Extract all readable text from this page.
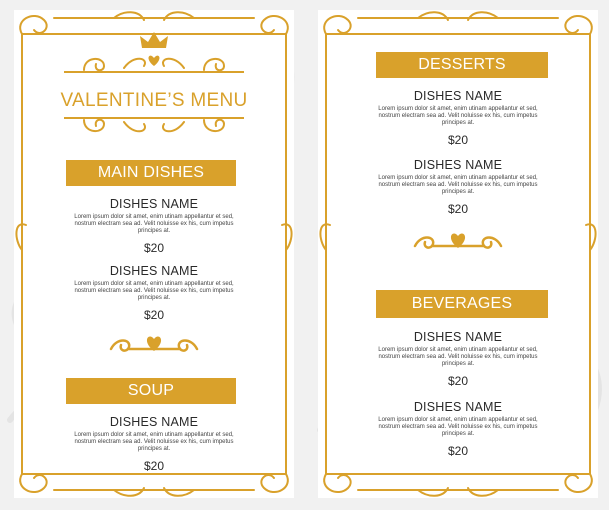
VALENTINE’S MENU
MAIN DISHES
DISHES NAME
Lorem ipsum dolor sit amet, enim utinam appellantur et sed, nostrum electram sea ad. Velit noluisse ex his, cum impetus principes at.
$20
DISHES NAME
Lorem ipsum dolor sit amet, enim utinam appellantur et sed, nostrum electram sea ad. Velit noluisse ex his, cum impetus principes at.
$20
SOUP
DISHES NAME
Lorem ipsum dolor sit amet, enim utinam appellantur et sed, nostrum electram sea ad. Velit noluisse ex his, cum impetus principes at.
$20
DESSERTS
DISHES NAME
Lorem ipsum dolor sit amet, enim utinam appellantur et sed, nostrum electram sea ad. Velit noluisse ex his, cum impetus principes at.
$20
DISHES NAME
Lorem ipsum dolor sit amet, enim utinam appellantur et sed, nostrum electram sea ad. Velit noluisse ex his, cum impetus principes at.
$20
BEVERAGES
DISHES NAME
Lorem ipsum dolor sit amet, enim utinam appellantur et sed, nostrum electram sea ad. Velit noluisse ex his, cum impetus principes at.
$20
DISHES NAME
Lorem ipsum dolor sit amet, enim utinam appellantur et sed, nostrum electram sea ad. Velit noluisse ex his, cum impetus principes at.
$20
